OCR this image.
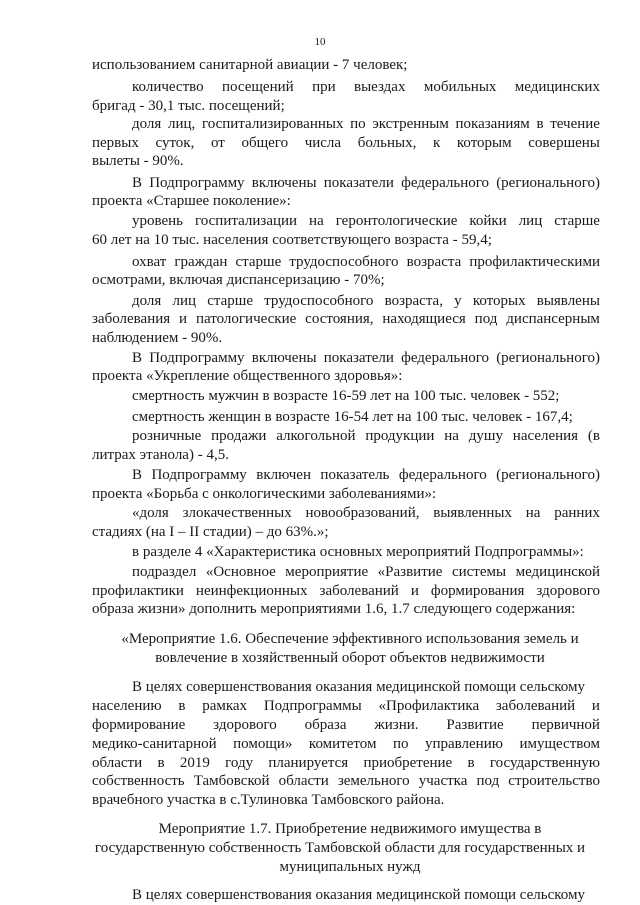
10
использованием санитарной авиации - 7 человек;
количество посещений при выездах мобильных медицинских
бригад - 30,1 тыс. посещений;
доля лиц, госпитализированных по экстренным показаниям в течение
первых суток, от общего числа больных, к которым совершены
вылеты - 90%.
В Подпрограмму включены показатели федерального (регионального)
проекта «Старшее поколение»:
уровень госпитализации на геронтологические койки лиц старше
60 лет на 10 тыс. населения соответствующего возраста - 59,4;
охват граждан старше трудоспособного возраста профилактическими
осмотрами, включая диспансеризацию - 70%;
доля лиц старше трудоспособного возраста, у которых выявлены
заболевания и патологические состояния, находящиеся под диспансерным
наблюдением - 90%.
В Подпрограмму включены показатели федерального (регионального)
проекта «Укрепление общественного здоровья»:
смертность мужчин в возрасте 16-59 лет на 100 тыс. человек - 552;
смертность женщин в возрасте 16-54 лет на 100 тыс. человек - 167,4;
розничные продажи алкогольной продукции на душу населения (в
литрах этанола) - 4,5.
В Подпрограмму включен показатель федерального (регионального)
проекта «Борьба с онкологическими заболеваниями»:
«доля злокачественных новообразований, выявленных на ранних
стадиях (на I – II стадии) – до 63%.»;
в разделе 4 «Характеристика основных мероприятий Подпрограммы»:
подраздел «Основное мероприятие «Развитие системы медицинской
профилактики неинфекционных заболеваний и формирования здорового
образа жизни» дополнить мероприятиями 1.6, 1.7 следующего содержания:
«Мероприятие 1.6. Обеспечение эффективного использования земель и
вовлечение в хозяйственный оборот объектов недвижимости
В целях совершенствования оказания медицинской помощи сельскому
населению в рамках Подпрограммы «Профилактика заболеваний и
формирование здорового образа жизни. Развитие первичной
медико-санитарной помощи» комитетом по управлению имуществом
области в 2019 году планируется приобретение в государственную
собственность Тамбовской области земельного участка под строительство
врачебного участка в с.Тулиновка Тамбовского района.
Мероприятие 1.7. Приобретение недвижимого имущества в
государственную собственность Тамбовской области для государственных и
муниципальных нужд
В целях совершенствования оказания медицинской помощи сельскому
